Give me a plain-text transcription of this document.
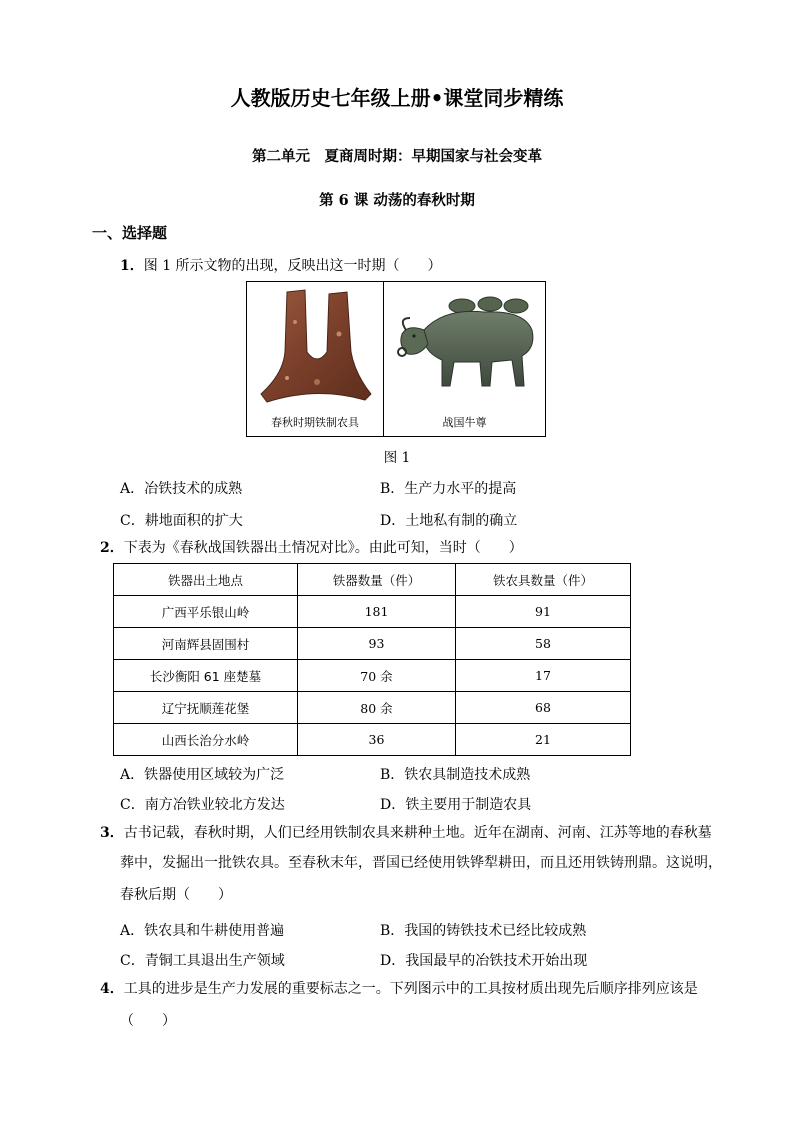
人教版历史七年级上册•课堂同步精练
第二单元　夏商周时期：早期国家与社会变革
第 6 课 动荡的春秋时期
一、选择题
1．图 1 所示文物的出现，反映出这一时期（　　）
春秋时期铁制农具	战国牛尊
图 1
A．冶铁技术的成熟	B．生产力水平的提高
C．耕地面积的扩大	D．土地私有制的确立
2．下表为《春秋战国铁器出土情况对比》。由此可知，当时（　　）
铁器出土地点	铁器数量（件）	铁农具数量（件）
广西平乐银山岭	181	91
河南辉县固围村	93	58
长沙衡阳 61 座楚墓	70 余	17
辽宁抚顺莲花堡	80 余	68
山西长治分水岭	36	21
A．铁器使用区域较为广泛	B．铁农具制造技术成熟
C．南方冶铁业较北方发达	D．铁主要用于制造农具
3．古书记载，春秋时期，人们已经用铁制农具来耕种土地。近年在湖南、河南、江苏等地的春秋墓
葬中，发掘出一批铁农具。至春秋末年，晋国已经使用铁铧犁耕田，而且还用铁铸刑鼎。这说明，
春秋后期（　　）
A．铁农具和牛耕使用普遍	B．我国的铸铁技术已经比较成熟
C．青铜工具退出生产领域	D．我国最早的冶铁技术开始出现
4．工具的进步是生产力发展的重要标志之一。下列图示中的工具按材质出现先后顺序排列应该是
（　　）
